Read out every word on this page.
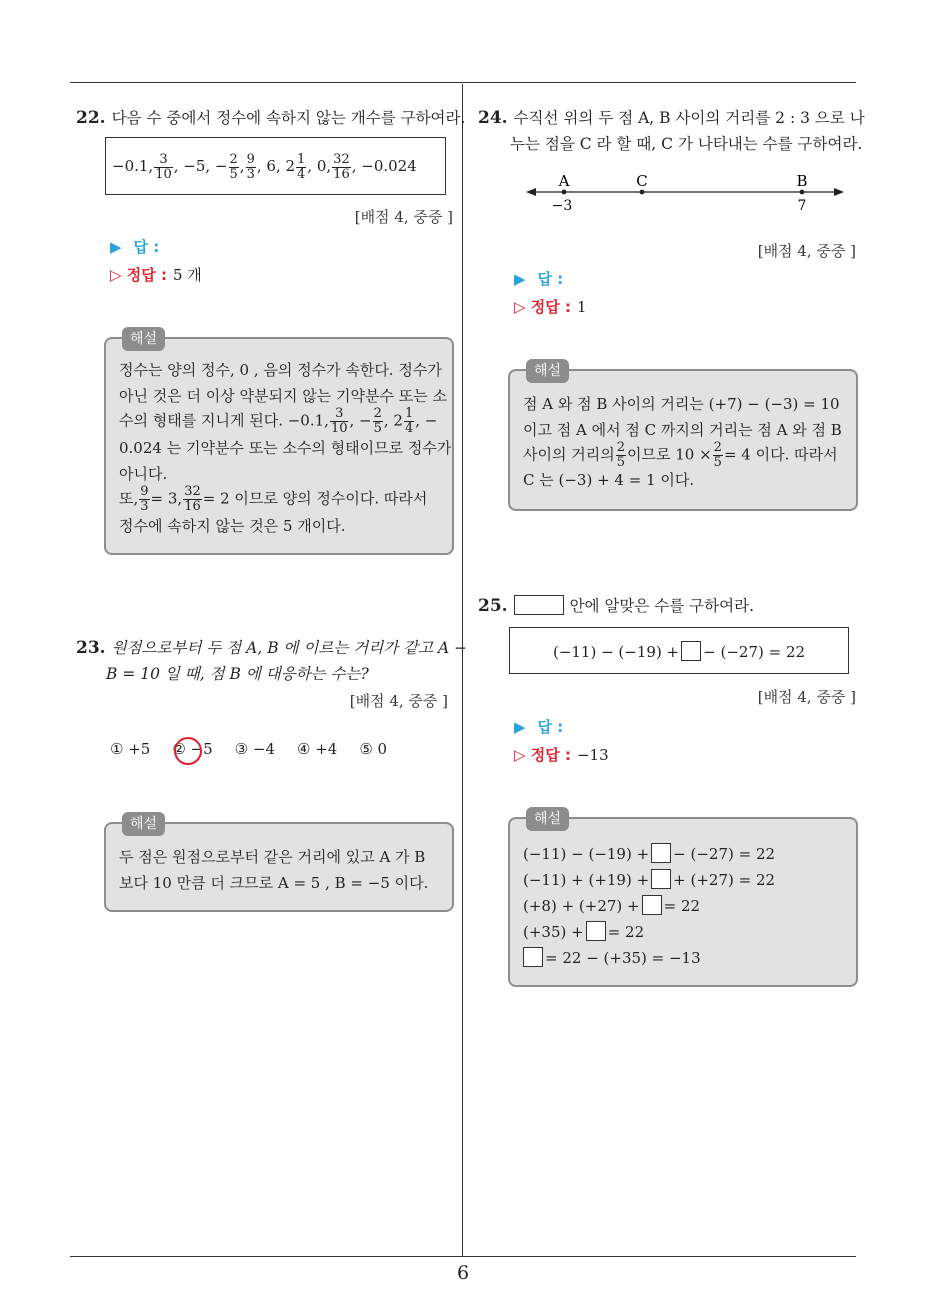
6
22. 다음 수 중에서 정수에 속하지 않는 개수를 구하여라.
−0.1, $\frac{3}{10}$ , −5, − $\frac{2}{5}$ , $\frac{9}{3}$ , 6, $2 \frac{1}{4}$ , 0, $\frac{32}{16}$ , −0.024
[배점 4, 중중 ]
▶ 답 :
▷ 정답 : 5 개
해설
정수는 양의 정수, 0 , 음의 정수가 속한다. 정수가
아닌 것은 더 이상 약분되지 않는 기약분수 또는 소
수의 형태를 지니게 된다. −0.1, $\frac{3}{10}$ , − $\frac{2}{5}$ , $2 \frac{1}{4}$ , −
0.024 는 기약분수 또는 소수의 형태이므로 정수가
아니다.
또, $\frac{9}{3} = 3$, $\frac{32}{16} = 2$ 이므로 양의 정수이다. 따라서
정수에 속하지 않는 것은 5 개이다.
23. 원점으로부터 두 점 A, B 에 이르는 거리가 같고 A −
B = 10 일 때, 점 B 에 대응하는 수는?
[배점 4, 중중 ]
① +5 ② −5 ③ −4 ④ +4 ⑤ 0
해설
두 점은 원점으로부터 같은 거리에 있고 A 가 B
보다 10 만큼 더 크므로 A = 5 , B = −5 이다.
24. 수직선 위의 두 점 A, B 사이의 거리를 2 : 3 으로 나
누는 점을 C 라 할 때, C 가 나타내는 수를 구하여라.
A	C	B
−3	7
[배점 4, 중중 ]
▶ 답 :
▷ 정답 : 1
해설
점 A 와 점 B 사이의 거리는 (+7) − (−3) = 10
이고 점 A 에서 점 C 까지의 거리는 점 A 와 점 B
사이의 거리의 $\frac{2}{5}$ 이므로 $10 \times \frac{2}{5} = 4$ 이다. 따라서
C 는 (−3) + 4 = 1 이다.
25.	안에 알맞은 수를 구하여라.
(−11) − (−19) + − (−27) = 22
[배점 4, 중중 ]
▶ 답 :
▷ 정답 : −13
해설
(−11) − (−19) + − (−27) = 22
(−11) + (+19) + + (+27) = 22
(+8) + (+27) + = 22
(+35) + = 22
= 22 − (+35) = −13
